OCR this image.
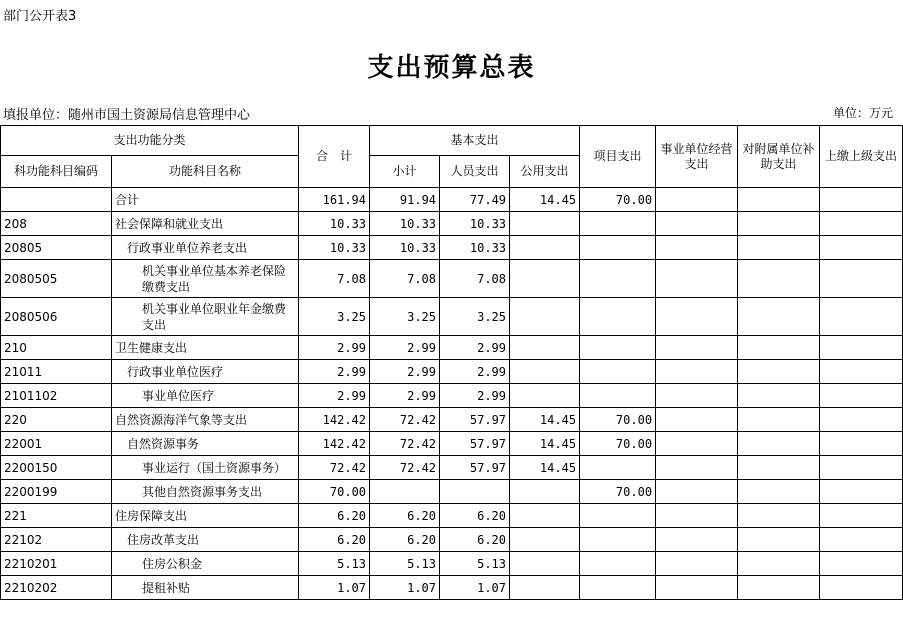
部门公开表3
支出预算总表
填报单位：随州市国土资源局信息管理中心	单位：万元
支出功能分类		合　计	基本支出			项目支出	事业单位经营支出	对附属单位补助支出	上缴上级支出
科功能科目编码	功能科目名称		小计	人员支出	公用支出				
	合计	161.94	91.94	77.49	14.45	70.00			
208	社会保障和就业支出	10.33	10.33	10.33					
20805	行政事业单位养老支出	10.33	10.33	10.33					
2080505	机关事业单位基本养老保险缴费支出	7.08	7.08	7.08					
2080506	机关事业单位职业年金缴费支出	3.25	3.25	3.25					
210	卫生健康支出	2.99	2.99	2.99					
21011	行政事业单位医疗	2.99	2.99	2.99					
2101102	事业单位医疗	2.99	2.99	2.99					
220	自然资源海洋气象等支出	142.42	72.42	57.97	14.45	70.00			
22001	自然资源事务	142.42	72.42	57.97	14.45	70.00			
2200150	事业运行（国土资源事务）	72.42	72.42	57.97	14.45				
2200199	其他自然资源事务支出	70.00				70.00			
221	住房保障支出	6.20	6.20	6.20					
22102	住房改革支出	6.20	6.20	6.20					
2210201	住房公积金	5.13	5.13	5.13					
2210202	提租补贴	1.07	1.07	1.07					
